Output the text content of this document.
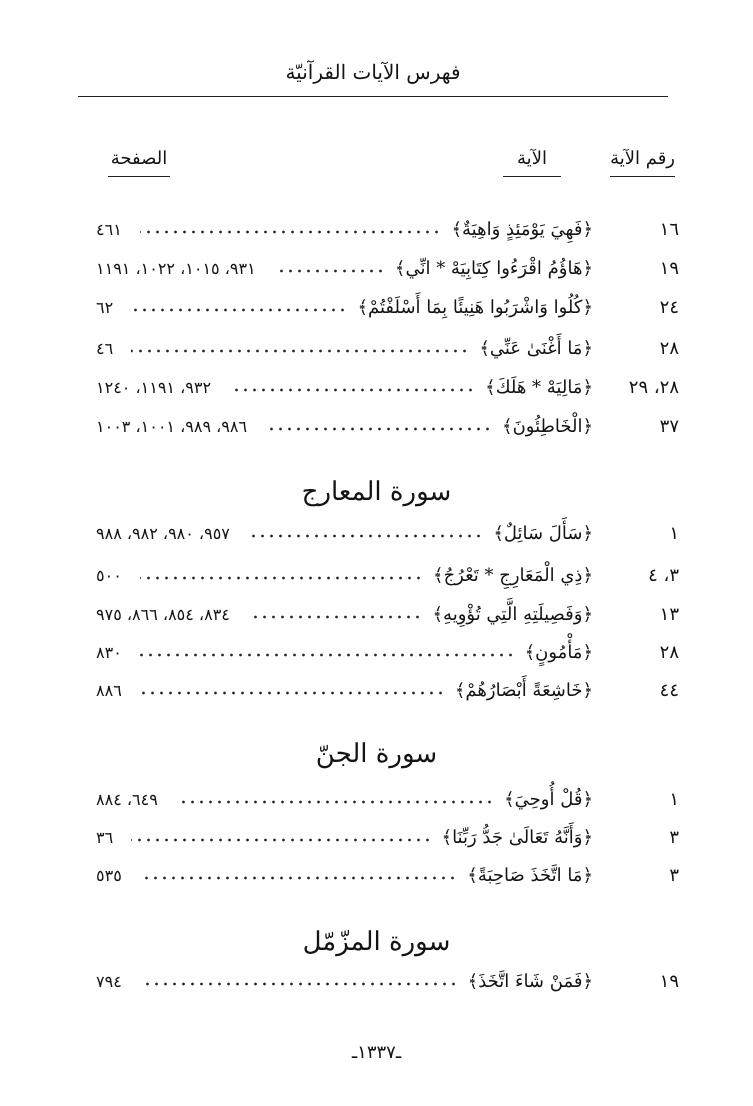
فهرس الآيات القرآنيّة
رقم الآية
الآية
الصفحة
١٦
﴿فَهِيَ يَوْمَئِذٍ وَاهِيَةٌ﴾
٤٦١
١٩
﴿هَاؤُمُ اقْرَءُوا كِتَابِيَهْ * انِّي﴾
٩٣١، ١٠١٥، ١٠٢٢، ١١٩١
٢٤
﴿كُلُوا وَاشْرَبُوا هَنِيئًا بِمَا أَسْلَفْتُمْ﴾
٦٢
٢٨
﴿مَا أَغْنَىٰ عَنِّي﴾
٤٦
٢٨، ٢٩
﴿مَالِيَهْ * هَلَكَ﴾
٩٣٢، ١١٩١، ١٢٤٠
٣٧
﴿الْخَاطِئُونَ﴾
٩٨٦، ٩٨٩، ١٠٠١، ١٠٠٣
سورة المعارج
١
﴿سَأَلَ سَائِلٌ﴾
٩٥٧، ٩٨٠، ٩٨٢، ٩٨٨
٣، ٤
﴿ذِي الْمَعَارِجِ * تَعْرُجُ﴾
٥٠٠
١٣
﴿وَفَصِيلَتِهِ الَّتِي تُؤْوِيهِ﴾
٨٣٤، ٨٥٤، ٨٦٦، ٩٧٥
٢٨
﴿مَأْمُونٍ﴾
٨٣٠
٤٤
﴿خَاشِعَةً أَبْصَارُهُمْ﴾
٨٨٦
سورة الجنّ
١
﴿قُلْ أُوحِيَ﴾
٦٤٩، ٨٨٤
٣
﴿وَأَنَّهُ تَعَالَىٰ جَدُّ رَبِّنَا﴾
٣٦
٣
﴿مَا اتَّخَذَ صَاحِبَةً﴾
٥٣٥
سورة المزّمّل
١٩
﴿فَمَنْ شَاءَ اتَّخَذَ﴾
٧٩٤
ـ١٣٣٧ـ
